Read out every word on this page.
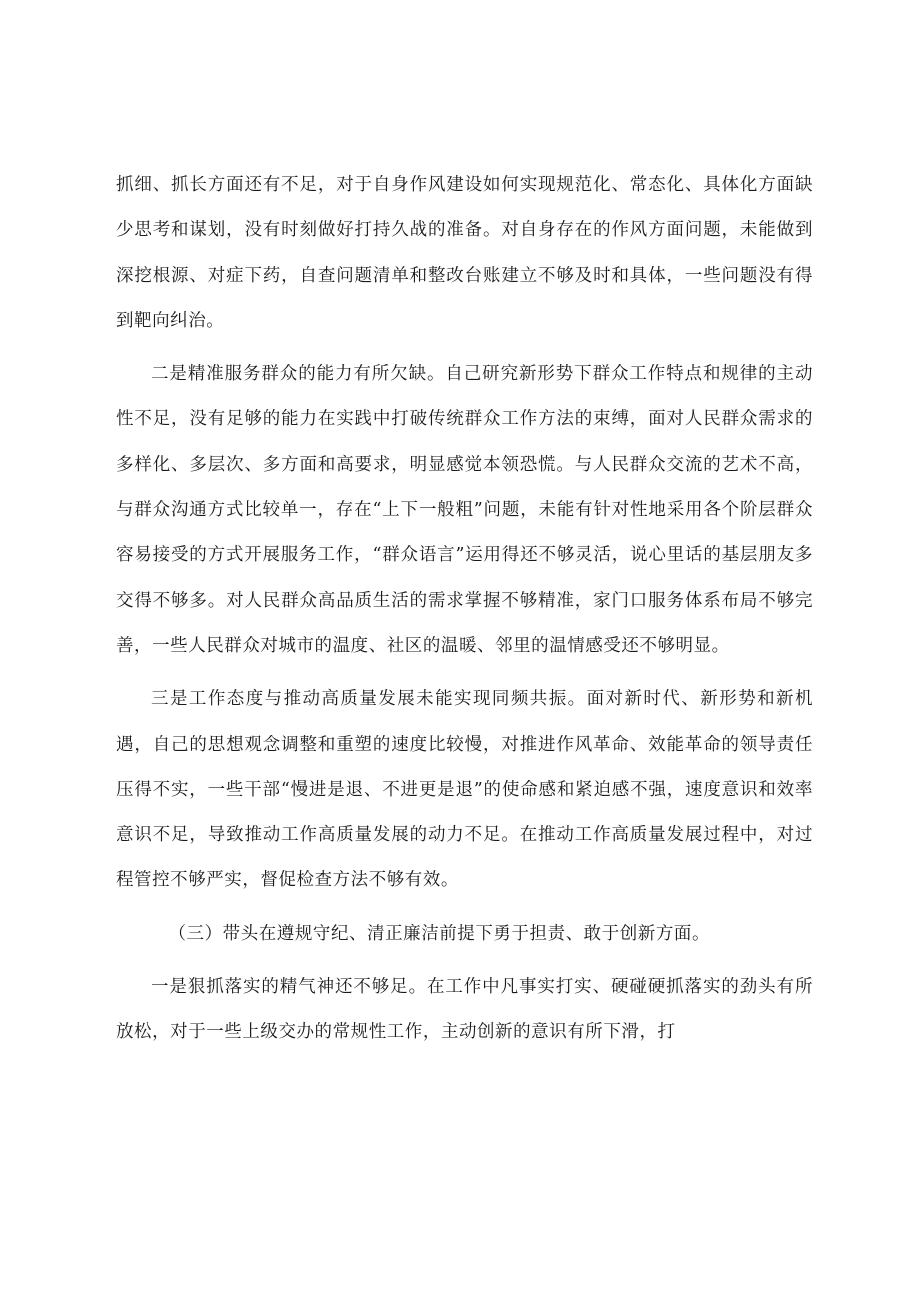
抓细、抓长方面还有不足，对于自身作风建设如何实现规范化、常态化、具体化方面缺少思考和谋划，没有时刻做好打持久战的准备。对自身存在的作风方面问题，未能做到深挖根源、对症下药，自查问题清单和整改台账建立不够及时和具体，一些问题没有得到靶向纠治。

二是精准服务群众的能力有所欠缺。自己研究新形势下群众工作特点和规律的主动性不足，没有足够的能力在实践中打破传统群众工作方法的束缚，面对人民群众需求的多样化、多层次、多方面和高要求，明显感觉本领恐慌。与人民群众交流的艺术不高，与群众沟通方式比较单一，存在“上下一般粗”问题，未能有针对性地采用各个阶层群众容易接受的方式开展服务工作，“群众语言”运用得还不够灵活，说心里话的基层朋友多交得不够多。对人民群众高品质生活的需求掌握不够精准，家门口服务体系布局不够完善，一些人民群众对城市的温度、社区的温暖、邻里的温情感受还不够明显。

三是工作态度与推动高质量发展未能实现同频共振。面对新时代、新形势和新机遇，自己的思想观念调整和重塑的速度比较慢，对推进作风革命、效能革命的领导责任压得不实，一些干部“慢进是退、不进更是退”的使命感和紧迫感不强，速度意识和效率意识不足，导致推动工作高质量发展的动力不足。在推动工作高质量发展过程中，对过程管控不够严实，督促检查方法不够有效。

（三）带头在遵规守纪、清正廉洁前提下勇于担责、敢于创新方面。

一是狠抓落实的精气神还不够足。在工作中凡事实打实、硬碰硬抓落实的劲头有所放松，对于一些上级交办的常规性工作，主动创新的意识有所下滑，打
